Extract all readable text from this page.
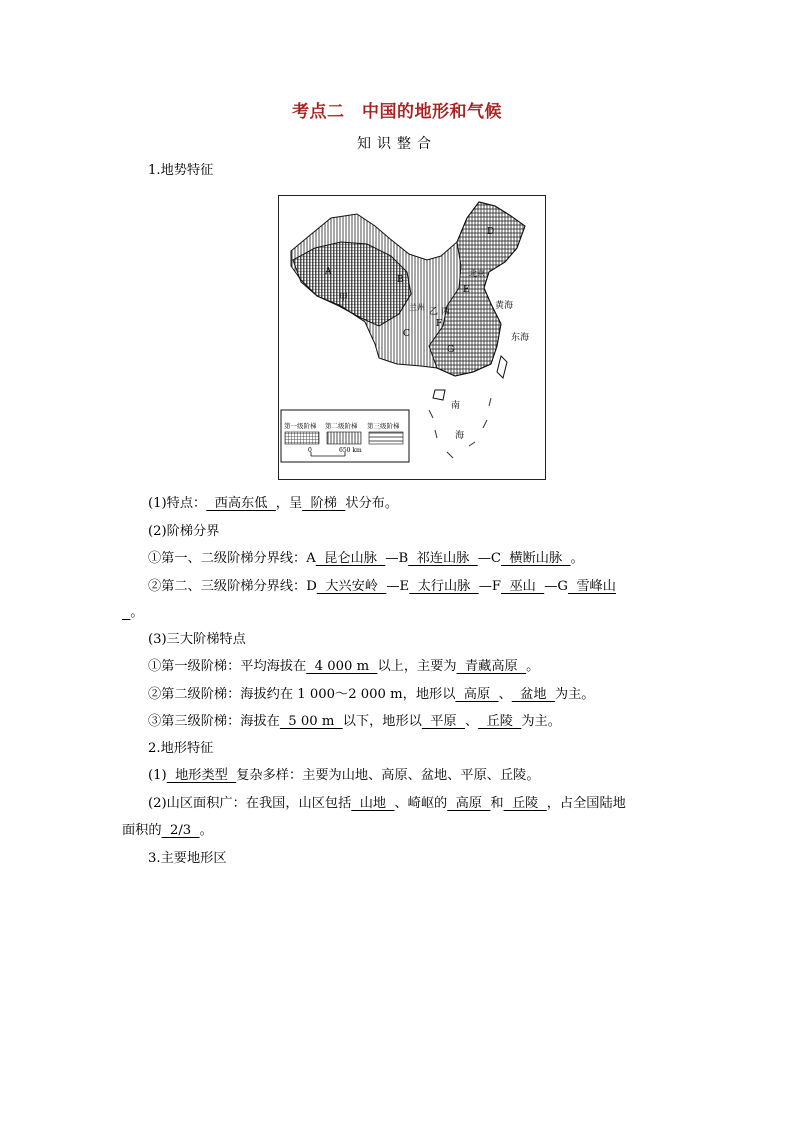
考点二　中国的地形和气候
知识整合
1.地势特征
A
B
C
D
E
F
G
甲
乙 丙
兰州
北京
黄海
东海
南
海
第一级阶梯 第二级阶梯 第三级阶梯
0	650 km
(1)特点：  西高东低  ，呈  阶梯  状分布。
(2)阶梯分界
①第一、二级阶梯分界线：A  昆仑山脉  —B  祁连山脉  —C  横断山脉  。
②第二、三级阶梯分界线：D  大兴安岭  —E  太行山脉  —F  巫山  —G  雪峰山
。
(3)三大阶梯特点
①第一级阶梯：平均海拔在  4 000 m  以上，主要为  青藏高原  。
②第二级阶梯：海拔约在 1 000～2 000 m，地形以  高原  、  盆地  为主。
③第三级阶梯：海拔在  5 00 m  以下，地形以  平原  、  丘陵  为主。
2.地形特征
(1)  地形类型  复杂多样：主要为山地、高原、盆地、平原、丘陵。
(2)山区面积广：在我国，山区包括  山地  、崎岖的  高原  和  丘陵  ，占全国陆地
面积的  2/3  。
3.主要地形区
